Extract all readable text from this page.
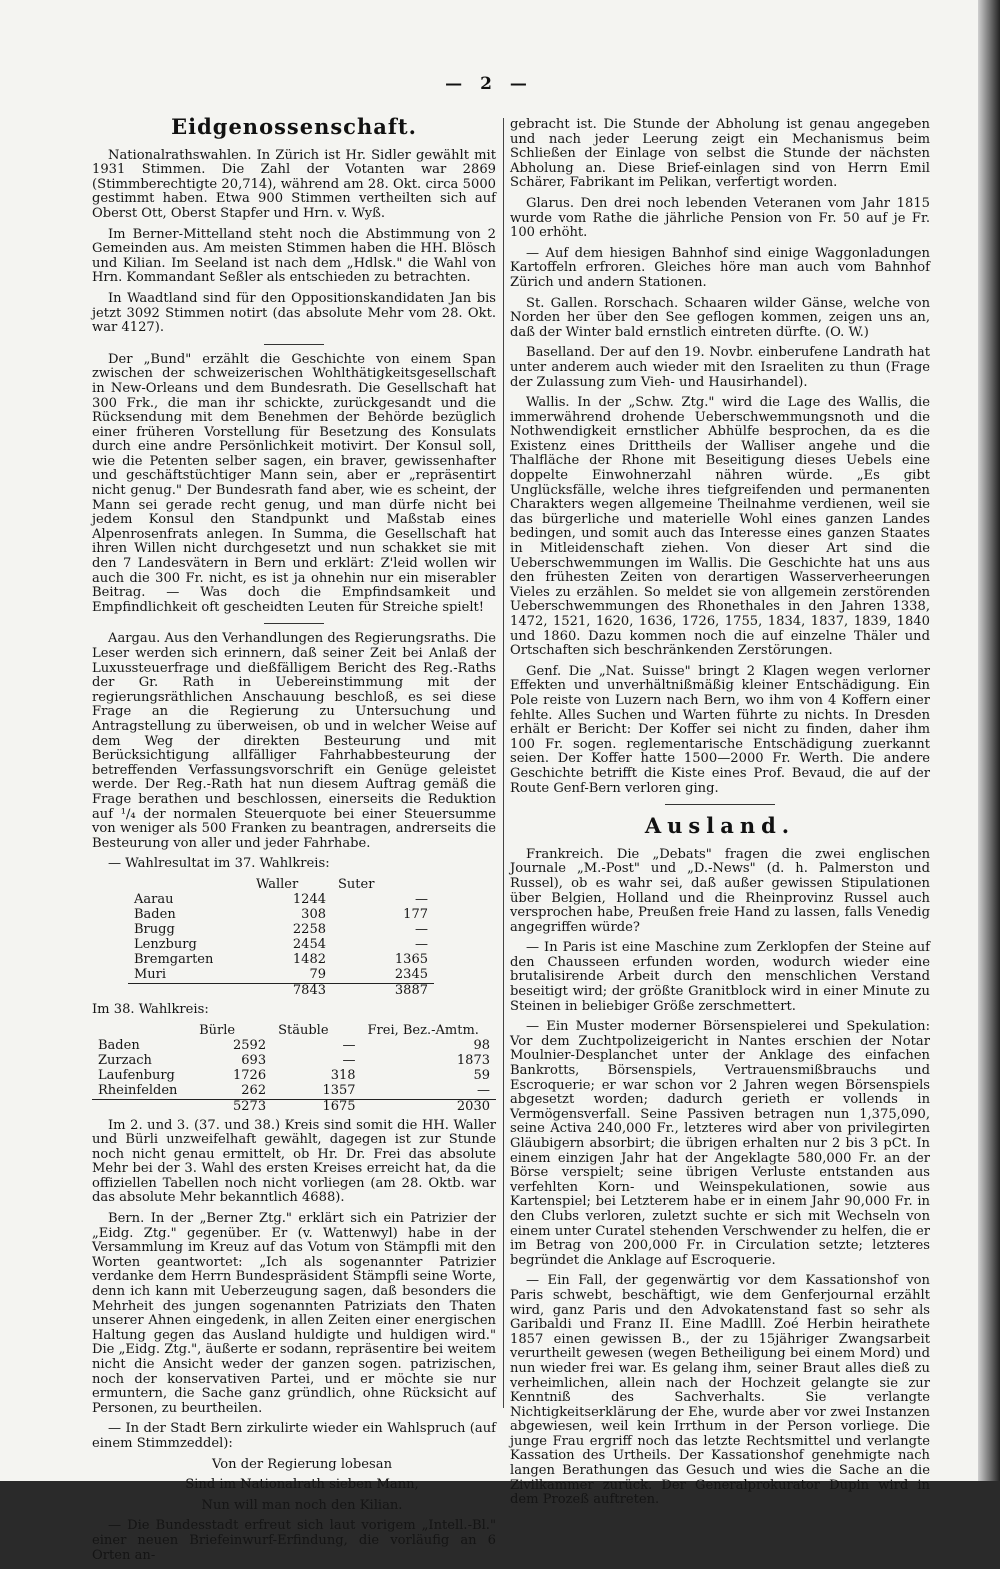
— 2 —
Eidgenossenschaft.

Nationalrathswahlen. In Zürich ist Hr. Sidler gewählt mit 1931 Stimmen. Die Zahl der Votanten war 2869 (Stimmberechtigte 20,714), während am 28. Okt. circa 5000 gestimmt haben. Etwa 900 Stimmen vertheilten sich auf Oberst Ott, Oberst Stapfer und Hrn. v. Wyß.

Im Berner-Mittelland steht noch die Abstimmung von 2 Gemeinden aus. Am meisten Stimmen haben die HH. Blösch und Kilian. Im Seeland ist nach dem „Hdlsk." die Wahl von Hrn. Kommandant Seßler als entschieden zu betrachten.

In Waadtland sind für den Oppositionskandidaten Jan bis jetzt 3092 Stimmen notirt (das absolute Mehr vom 28. Okt. war 4127).

Der „Bund" erzählt die Geschichte von einem Span zwischen der schweizerischen Wohlthätigkeitsgesellschaft in New-Orleans und dem Bundesrath. Die Gesellschaft hat 300 Frk., die man ihr schickte, zurückgesandt und die Rücksendung mit dem Benehmen der Behörde bezüglich einer früheren Vorstellung für Besetzung des Konsulats durch eine andre Persönlichkeit motivirt. Der Konsul soll, wie die Petenten selber sagen, ein braver, gewissenhafter und geschäftstüchtiger Mann sein, aber er „repräsentirt nicht genug." Der Bundesrath fand aber, wie es scheint, der Mann sei gerade recht genug, und man dürfe nicht bei jedem Konsul den Standpunkt und Maßstab eines Alpenrosenfrats anlegen. In Summa, die Gesellschaft hat ihren Willen nicht durchgesetzt und nun schakket sie mit den 7 Landesvätern in Bern und erklärt: Z'leid wollen wir auch die 300 Fr. nicht, es ist ja ohnehin nur ein miserabler Beitrag. — Was doch die Empfindsamkeit und Empfindlichkeit oft gescheidten Leuten für Streiche spielt!

Aargau. Aus den Verhandlungen des Regierungsraths. Die Leser werden sich erinnern, daß seiner Zeit bei Anlaß der Luxussteuerfrage und dießfälligem Bericht des Reg.-Raths der Gr. Rath in Uebereinstimmung mit der regierungsräthlichen Anschauung beschloß, es sei diese Frage an die Regierung zu Untersuchung und Antragstellung zu überweisen, ob und in welcher Weise auf dem Weg der direkten Besteurung und mit Berücksichtigung allfälliger Fahrhabbesteurung der betreffenden Verfassungsvorschrift ein Genüge geleistet werde. Der Reg.-Rath hat nun diesem Auftrag gemäß die Frage berathen und beschlossen, einerseits die Reduktion auf ¹/₄ der normalen Steuerquote bei einer Steuersumme von weniger als 500 Franken zu beantragen, andrerseits die Besteurung von aller und jeder Fahrhabe.

— Wahlresultat im 37. Wahlkreis:

	Waller	Suter
Aarau	1244	—
Baden	308	177
Brugg	2258	—
Lenzburg	2454	—
Bremgarten	1482	1365
Muri	79	2345
	7843	3887

Im 38. Wahlkreis:

	Bürle	Stäuble	Frei, Bez.-Amtm.
Baden	2592	—	98
Zurzach	693	—	1873
Laufenburg	1726	318	59
Rheinfelden	262	1357	—
	5273	1675	2030

Im 2. und 3. (37. und 38.) Kreis sind somit die HH. Waller und Bürli unzweifelhaft gewählt, dagegen ist zur Stunde noch nicht genau ermittelt, ob Hr. Dr. Frei das absolute Mehr bei der 3. Wahl des ersten Kreises erreicht hat, da die offiziellen Tabellen noch nicht vorliegen (am 28. Oktb. war das absolute Mehr bekanntlich 4688).

Bern. In der „Berner Ztg." erklärt sich ein Patrizier der „Eidg. Ztg." gegenüber. Er (v. Wattenwyl) habe in der Versammlung im Kreuz auf das Votum von Stämpfli mit den Worten geantwortet: „Ich als sogenannter Patrizier verdanke dem Herrn Bundespräsident Stämpfli seine Worte, denn ich kann mit Ueberzeugung sagen, daß besonders die Mehrheit des jungen sogenannten Patriziats den Thaten unserer Ahnen eingedenk, in allen Zeiten einer energischen Haltung gegen das Ausland huldigte und huldigen wird." Die „Eidg. Ztg.", äußerte er sodann, repräsentire bei weitem nicht die Ansicht weder der ganzen sogen. patrizischen, noch der konservativen Partei, und er möchte sie nur ermuntern, die Sache ganz gründlich, ohne Rücksicht auf Personen, zu beurtheilen.

— In der Stadt Bern zirkulirte wieder ein Wahlspruch (auf einem Stimmzeddel):

Von der Regierung lobesan

Sind im Nationalrath sieben Mann,

Nun will man noch den Kilian.

— Die Bundesstadt erfreut sich laut vorigem „Intell.-Bl." einer neuen Briefeinwurf-Erfindung, die vorläufig an 6 Orten an-

gebracht ist. Die Stunde der Abholung ist genau angegeben und nach jeder Leerung zeigt ein Mechanismus beim Schließen der Einlage von selbst die Stunde der nächsten Abholung an. Diese Brief-einlagen sind von Herrn Emil Schärer, Fabrikant im Pelikan, verfertigt worden.

Glarus. Den drei noch lebenden Veteranen vom Jahr 1815 wurde vom Rathe die jährliche Pension von Fr. 50 auf je Fr. 100 erhöht.

— Auf dem hiesigen Bahnhof sind einige Waggonladungen Kartoffeln erfroren. Gleiches höre man auch vom Bahnhof Zürich und andern Stationen.

St. Gallen. Rorschach. Schaaren wilder Gänse, welche von Norden her über den See geflogen kommen, zeigen uns an, daß der Winter bald ernstlich eintreten dürfte. (O. W.)

Baselland. Der auf den 19. Novbr. einberufene Landrath hat unter anderem auch wieder mit den Israeliten zu thun (Frage der Zulassung zum Vieh- und Hausirhandel).

Wallis. In der „Schw. Ztg." wird die Lage des Wallis, die immerwährend drohende Ueberschwemmungsnoth und die Nothwendigkeit ernstlicher Abhülfe besprochen, da es die Existenz eines Drittheils der Walliser angehe und die Thalfläche der Rhone mit Beseitigung dieses Uebels eine doppelte Einwohnerzahl nähren würde. „Es gibt Unglücksfälle, welche ihres tiefgreifenden und permanenten Charakters wegen allgemeine Theilnahme verdienen, weil sie das bürgerliche und materielle Wohl eines ganzen Landes bedingen, und somit auch das Interesse eines ganzen Staates in Mitleidenschaft ziehen. Von dieser Art sind die Ueberschwemmungen im Wallis. Die Geschichte hat uns aus den frühesten Zeiten von derartigen Wasserverheerungen Vieles zu erzählen. So meldet sie von allgemein zerstörenden Ueberschwemmungen des Rhonethales in den Jahren 1338, 1472, 1521, 1620, 1636, 1726, 1755, 1834, 1837, 1839, 1840 und 1860. Dazu kommen noch die auf einzelne Thäler und Ortschaften sich beschränkenden Zerstörungen.

Genf. Die „Nat. Suisse" bringt 2 Klagen wegen verlorner Effekten und unverhältnißmäßig kleiner Entschädigung. Ein Pole reiste von Luzern nach Bern, wo ihm von 4 Koffern einer fehlte. Alles Suchen und Warten führte zu nichts. In Dresden erhält er Bericht: Der Koffer sei nicht zu finden, daher ihm 100 Fr. sogen. reglementarische Entschädigung zuerkannt seien. Der Koffer hatte 1500—2000 Fr. Werth. Die andere Geschichte betrifft die Kiste eines Prof. Bevaud, die auf der Route Genf-Bern verloren ging.

Ausland.

Frankreich. Die „Debats" fragen die zwei englischen Journale „M.-Post" und „D.-News" (d. h. Palmerston und Russel), ob es wahr sei, daß außer gewissen Stipulationen über Belgien, Holland und die Rheinprovinz Russel auch versprochen habe, Preußen freie Hand zu lassen, falls Venedig angegriffen würde?

— In Paris ist eine Maschine zum Zerklopfen der Steine auf den Chausseen erfunden worden, wodurch wieder eine brutalisirende Arbeit durch den menschlichen Verstand beseitigt wird; der größte Granitblock wird in einer Minute zu Steinen in beliebiger Größe zerschmettert.

— Ein Muster moderner Börsenspielerei und Spekulation: Vor dem Zuchtpolizeigericht in Nantes erschien der Notar Moulnier-Desplanchet unter der Anklage des einfachen Bankrotts, Börsenspiels, Vertrauensmißbrauchs und Escroquerie; er war schon vor 2 Jahren wegen Börsenspiels abgesetzt worden; dadurch gerieth er vollends in Vermögensverfall. Seine Passiven betragen nun 1,375,090, seine Activa 240,000 Fr., letzteres wird aber von privilegirten Gläubigern absorbirt; die übrigen erhalten nur 2 bis 3 pCt. In einem einzigen Jahr hat der Angeklagte 580,000 Fr. an der Börse verspielt; seine übrigen Verluste entstanden aus verfehlten Korn- und Weinspekulationen, sowie aus Kartenspiel; bei Letzterem habe er in einem Jahr 90,000 Fr. in den Clubs verloren, zuletzt suchte er sich mit Wechseln von einem unter Curatel stehenden Verschwender zu helfen, die er im Betrag von 200,000 Fr. in Circulation setzte; letzteres begründet die Anklage auf Escroquerie.

— Ein Fall, der gegenwärtig vor dem Kassationshof von Paris schwebt, beschäftigt, wie dem Genferjournal erzählt wird, ganz Paris und den Advokatenstand fast so sehr als Garibaldi und Franz II. Eine Madlll. Zoé Herbin heirathete 1857 einen gewissen B., der zu 15jähriger Zwangsarbeit verurtheilt gewesen (wegen Betheiligung bei einem Mord) und nun wieder frei war. Es gelang ihm, seiner Braut alles dieß zu verheimlichen, allein nach der Hochzeit gelangte sie zur Kenntniß des Sachverhalts. Sie verlangte Nichtigkeitserklärung der Ehe, wurde aber vor zwei Instanzen abgewiesen, weil kein Irrthum in der Person vorliege. Die junge Frau ergriff noch das letzte Rechtsmittel und verlangte Kassation des Urtheils. Der Kassationshof genehmigte nach langen Berathungen das Gesuch und wies die Sache an die Zivilkammer zurück. Der Generalprokurator Dupin wird in dem Prozeß auftreten.
